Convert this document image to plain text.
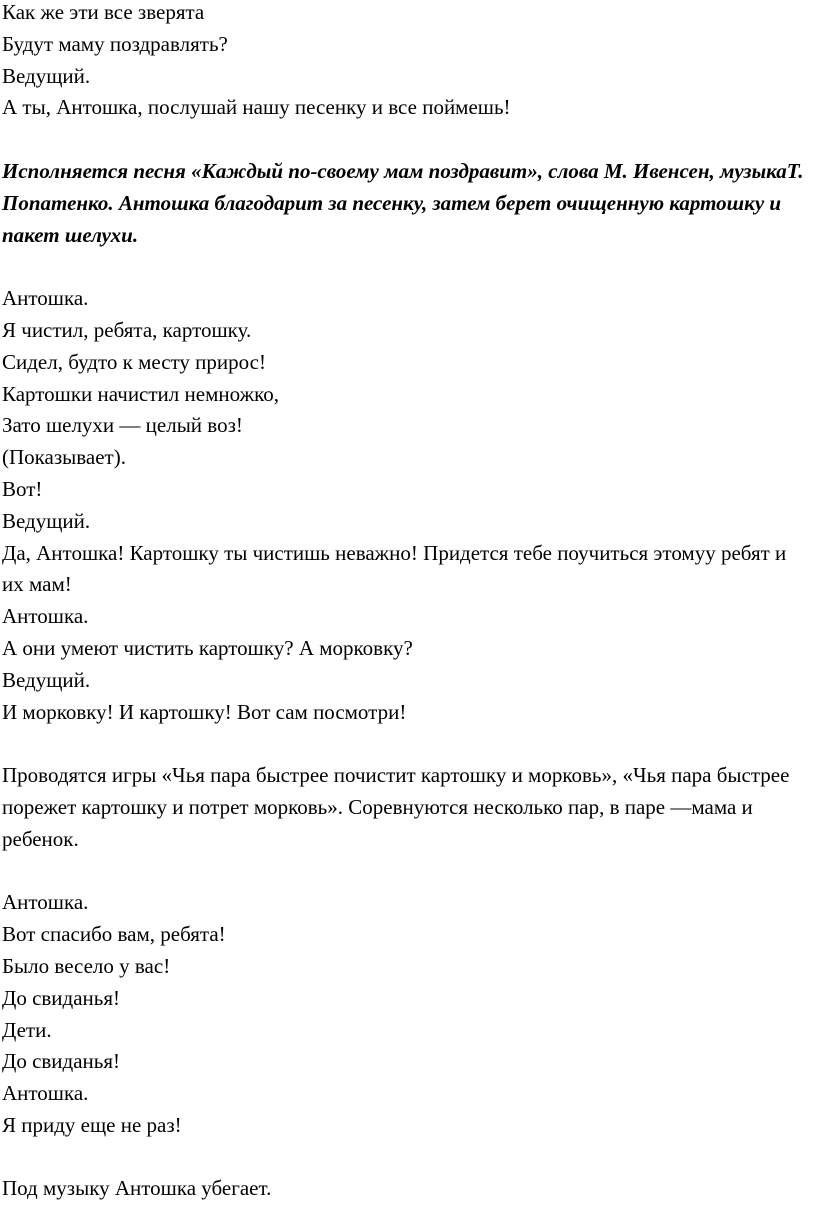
Как же эти все зверята

Будут маму поздравлять?

Ведущий.

А ты, Антошка, послушай нашу песенку и все поймешь!

Исполняется песня «Каждый по-своему мам поздравит», слова М. Ивенсен, музыкаТ. Попатенко. Антошка благодарит за песенку, затем берет очищенную картошку и пакет шелухи.

Антошка.

Я чистил, ребята, картошку.

Сидел, будто к месту прирос!

Картошки начистил немножко,

Зато шелухи — целый воз!

(Показывает).

Вот!

Ведущий.

Да, Антошка! Картошку ты чистишь неважно! Придется тебе поучиться этомуу ребят и их мам!

Антошка.

А они умеют чистить картошку? А морковку?

Ведущий.

И морковку! И картошку! Вот сам посмотри!

Проводятся игры «Чья пара быстрее почистит картошку и морковь», «Чья пара быстрее порежет картошку и потрет морковь». Соревнуются несколько пар, в паре —мама и ребенок.

Антошка.

Вот спасибо вам, ребята!

Было весело у вас!

До свиданья!

Дети.

До свиданья!

Антошка.

Я приду еще не раз!

Под музыку Антошка убегает.
